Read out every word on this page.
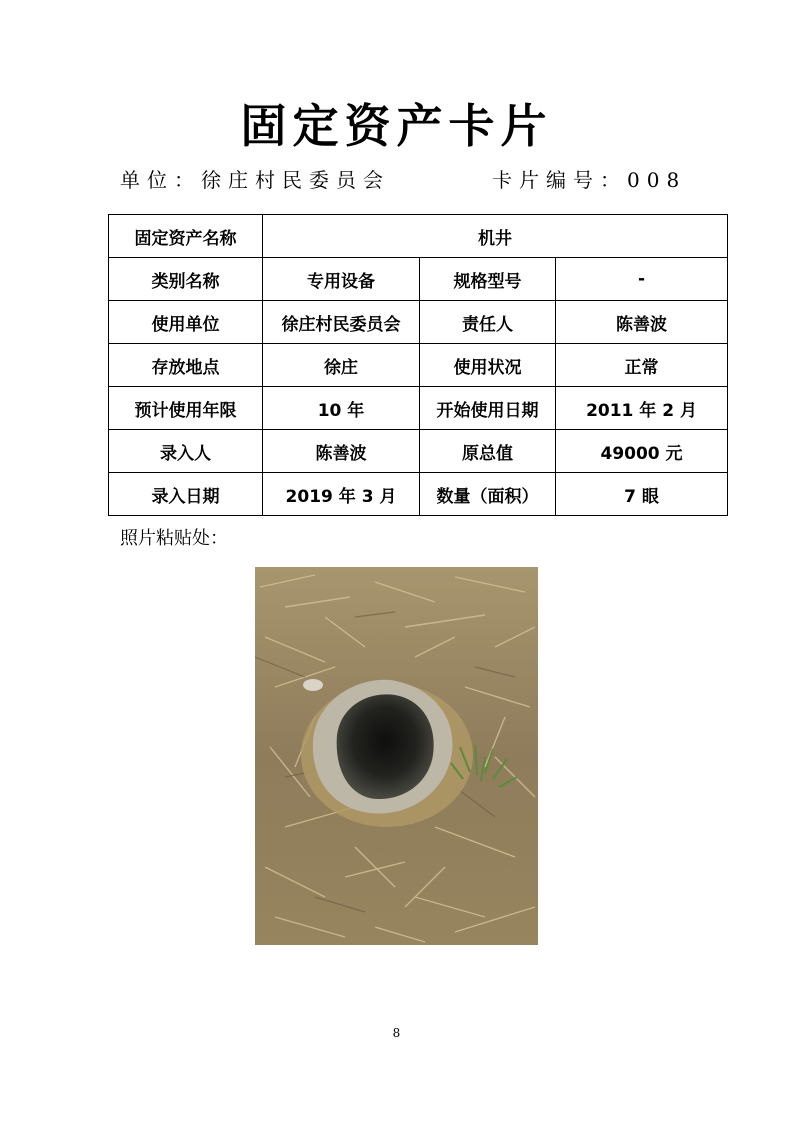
固定资产卡片
单位：徐庄村民委员会	卡片编号：008
固定资产名称	机井		
类别名称	专用设备	规格型号	-
使用单位	徐庄村民委员会	责任人	陈善波
存放地点	徐庄	使用状况	正常
预计使用年限	10 年	开始使用日期	2011 年 2 月
录入人	陈善波	原总值	49000 元
录入日期	2019 年 3 月	数量（面积）	7 眼
照片粘贴处：
8
